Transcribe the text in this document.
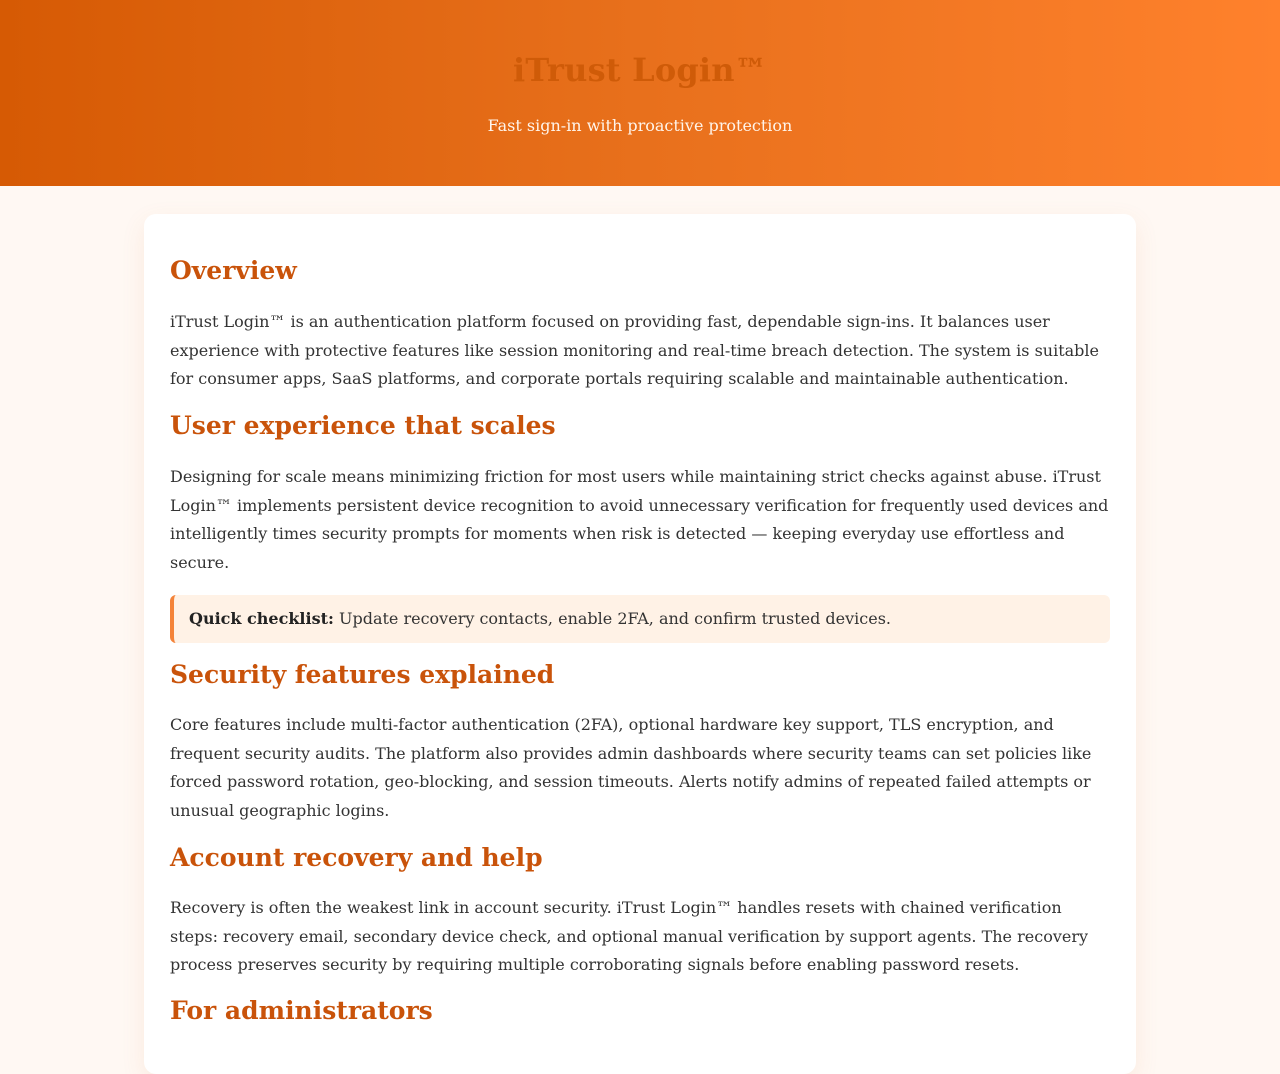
iTrust Login™

Fast sign-in with proactive protection

Overview

iTrust Login™ is an authentication platform focused on providing fast, dependable sign-ins. It balances user experience with protective features like session monitoring and real-time breach detection. The system is suitable for consumer apps, SaaS platforms, and corporate portals requiring scalable and maintainable authentication.

User experience that scales

Designing for scale means minimizing friction for most users while maintaining strict checks against abuse. iTrust Login™ implements persistent device recognition to avoid unnecessary verification for frequently used devices and intelligently times security prompts for moments when risk is detected — keeping everyday use effortless and secure.

Quick checklist: Update recovery contacts, enable 2FA, and confirm trusted devices.
Security features explained

Core features include multi-factor authentication (2FA), optional hardware key support, TLS encryption, and frequent security audits. The platform also provides admin dashboards where security teams can set policies like forced password rotation, geo-blocking, and session timeouts. Alerts notify admins of repeated failed attempts or unusual geographic logins.

Account recovery and help

Recovery is often the weakest link in account security. iTrust Login™ handles resets with chained verification steps: recovery email, secondary device check, and optional manual verification by support agents. The recovery process preserves security by requiring multiple corroborating signals before enabling password resets.

For administrators
